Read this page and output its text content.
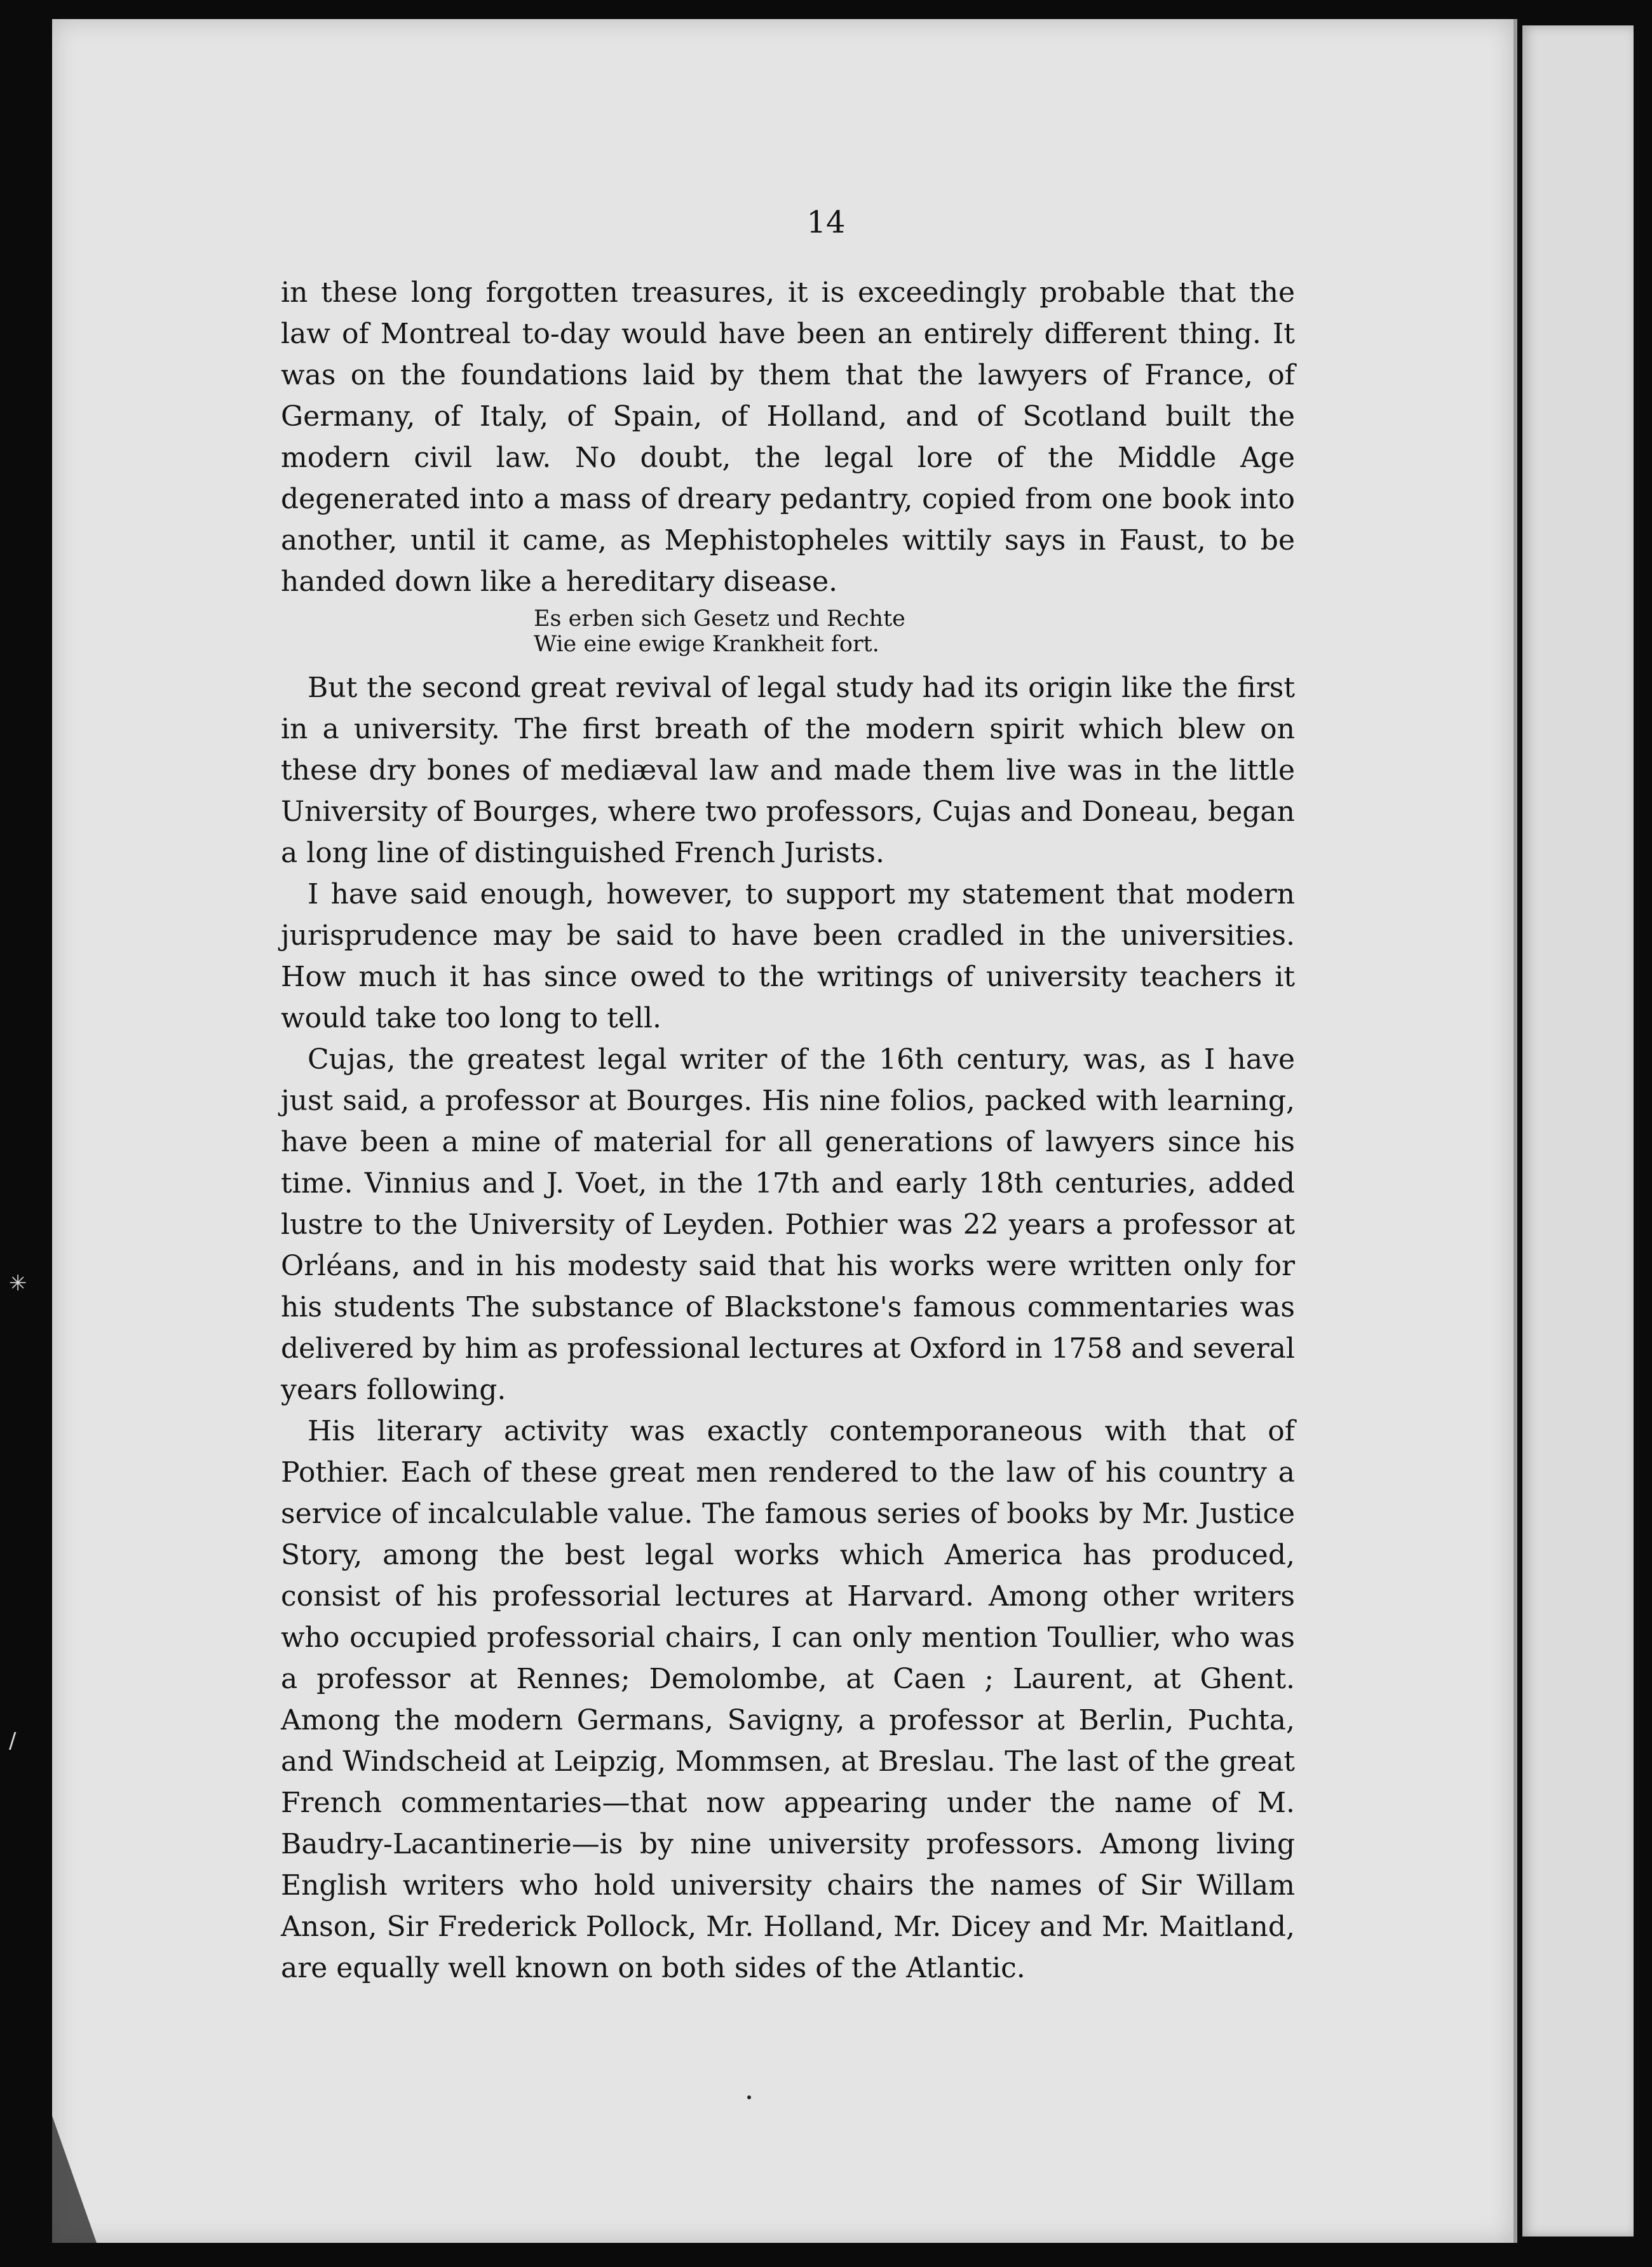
✳
/
14

in these long forgotten treasures, it is exceedingly probable that the law of Montreal to-day would have been an entirely different thing. It was on the foundations laid by them that the lawyers of France, of Germany, of Italy, of Spain, of Holland, and of Scotland built the modern civil law. No doubt, the legal lore of the Middle Age degenerated into a mass of dreary pedantry, copied from one book into another, until it came, as Mephistopheles wittily says in Faust, to be handed down like a hereditary disease.

Es erben sich Gesetz und Rechte
Wie eine ewige Krankheit fort.

But the second great revival of legal study had its origin like the first in a university. The first breath of the modern spirit which blew on these dry bones of mediæval law and made them live was in the little University of Bourges, where two professors, Cujas and Doneau, began a long line of distinguished French Jurists.

I have said enough, however, to support my statement that modern jurisprudence may be said to have been cradled in the universities. How much it has since owed to the writings of university teachers it would take too long to tell.

Cujas, the greatest legal writer of the 16th century, was, as I have just said, a professor at Bourges. His nine folios, packed with learning, have been a mine of material for all generations of lawyers since his time. Vinnius and J. Voet, in the 17th and early 18th centuries, added lustre to the University of Leyden. Pothier was 22 years a professor at Orléans, and in his modesty said that his works were written only for his students The substance of Blackstone's famous commentaries was delivered by him as professional lectures at Oxford in 1758 and several years following.

His literary activity was exactly contemporaneous with that of Pothier. Each of these great men rendered to the law of his country a service of incalculable value. The famous series of books by Mr. Justice Story, among the best legal works which America has produced, consist of his professorial lectures at Harvard. Among other writers who occupied professorial chairs, I can only mention Toullier, who was a professor at Rennes; Demolombe, at Caen ; Laurent, at Ghent. Among the modern Germans, Savigny, a professor at Berlin, Puchta, and Windscheid at Leipzig, Mommsen, at Breslau. The last of the great French commentaries—that now appearing under the name of M. Baudry-Lacantinerie—is by nine university professors. Among living English writers who hold university chairs the names of Sir Willam Anson, Sir Frederick Pollock, Mr. Holland, Mr. Dicey and Mr. Maitland, are equally well known on both sides of the Atlantic.
